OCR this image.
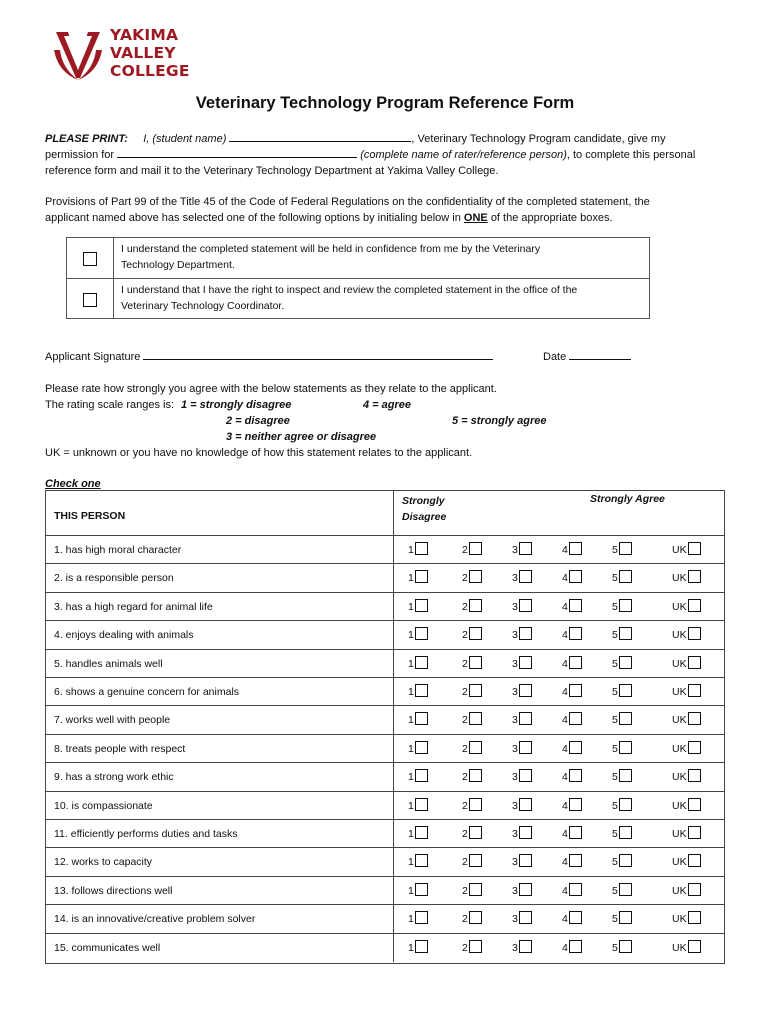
YAKIMA
VALLEY
COLLEGE
Veterinary Technology Program Reference Form
PLEASE PRINT: I, (student name)	, Veterinary Technology Program candidate, give my
permission for	(complete name of rater/reference person), to complete this personal
reference form and mail it to the Veterinary Technology Department at Yakima Valley College.
Provisions of Part 99 of the Title 45 of the Code of Federal Regulations on the confidentiality of the completed statement, the
applicant named above has selected one of the following options by initialing below in ONE of the appropriate boxes.
I understand the completed statement will be held in confidence from me by the Veterinary
Technology Department.
I understand that I have the right to inspect and review the completed statement in the office of the
Veterinary Technology Coordinator.
Applicant Signature	Date
Please rate how strongly you agree with the below statements as they relate to the applicant.
The rating scale ranges is: 1 = strongly disagree	4 = agree
2 = disagree	5 = strongly agree
3 = neither agree or disagree
UK = unknown or you have no knowledge of how this statement relates to the applicant.
Check one
THIS PERSON
Strongly
Disagree
Strongly Agree
1. has high moral character	1	2	3	4	5	UK
2. is a responsible person	1	2	3	4	5	UK
3. has a high regard for animal life	1	2	3	4	5	UK
4. enjoys dealing with animals	1	2	3	4	5	UK
5. handles animals well	1	2	3	4	5	UK
6. shows a genuine concern for animals	1	2	3	4	5	UK
7. works well with people	1	2	3	4	5	UK
8. treats people with respect	1	2	3	4	5	UK
9. has a strong work ethic	1	2	3	4	5	UK
10. is compassionate	1	2	3	4	5	UK
11. efficiently performs duties and tasks	1	2	3	4	5	UK
12. works to capacity	1	2	3	4	5	UK
13. follows directions well	1	2	3	4	5	UK
14. is an innovative/creative problem solver	1	2	3	4	5	UK
15. communicates well	1	2	3	4	5	UK
